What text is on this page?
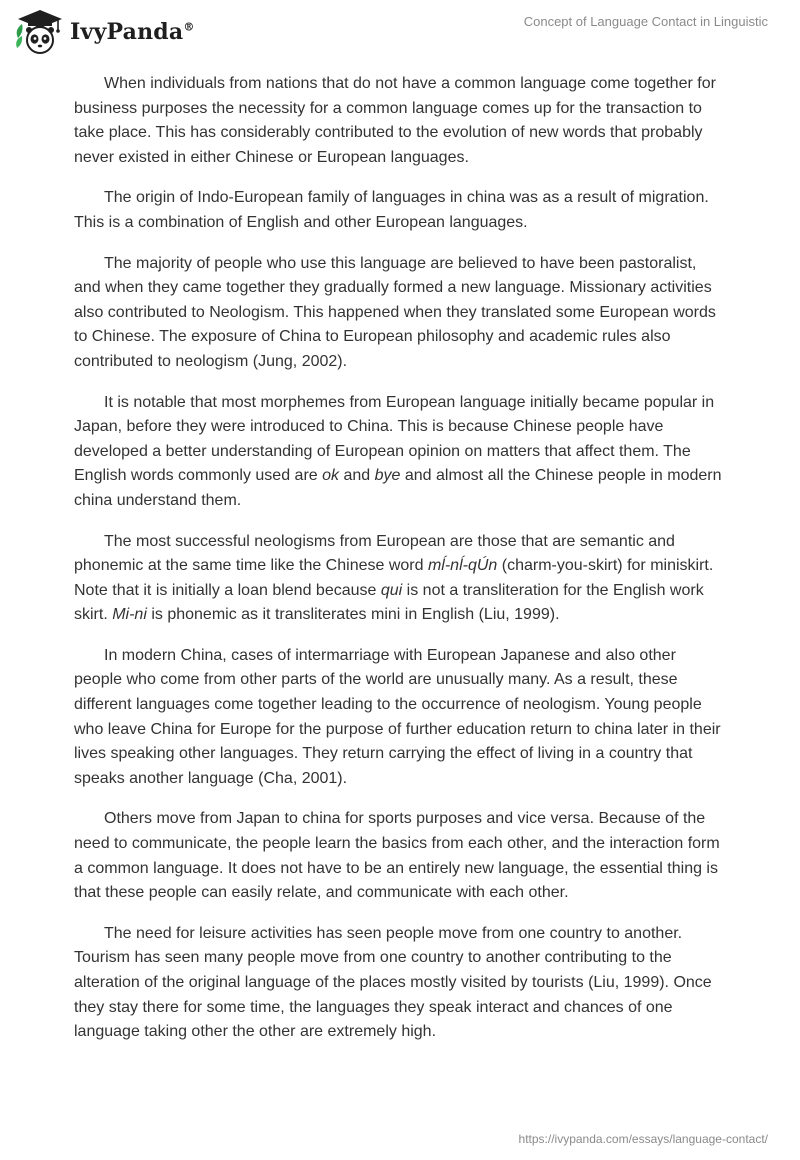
IvyPanda®	Concept of Language Contact in Linguistic

When individuals from nations that do not have a common language come together for business purposes the necessity for a common language comes up for the transaction to take place. This has considerably contributed to the evolution of new words that probably never existed in either Chinese or European languages.

The origin of Indo-European family of languages in china was as a result of migration. This is a combination of English and other European languages.

The majority of people who use this language are believed to have been pastoralist, and when they came together they gradually formed a new language. Missionary activities also contributed to Neologism. This happened when they translated some European words to Chinese. The exposure of China to European philosophy and academic rules also contributed to neologism (Jung, 2002).

It is notable that most morphemes from European language initially became popular in Japan, before they were introduced to China. This is because Chinese people have developed a better understanding of European opinion on matters that affect them. The English words commonly used are ok and bye and almost all the Chinese people in modern china understand them.

The most successful neologisms from European are those that are semantic and phonemic at the same time like the Chinese word mĺ-nĺ-qÚn (charm-you-skirt) for miniskirt. Note that it is initially a loan blend because qui is not a transliteration for the English work skirt. Mi-ni is phonemic as it transliterates mini in English (Liu, 1999).

In modern China, cases of intermarriage with European Japanese and also other people who come from other parts of the world are unusually many. As a result, these different languages come together leading to the occurrence of neologism. Young people who leave China for Europe for the purpose of further education return to china later in their lives speaking other languages. They return carrying the effect of living in a country that speaks another language (Cha, 2001).

Others move from Japan to china for sports purposes and vice versa. Because of the need to communicate, the people learn the basics from each other, and the interaction form a common language. It does not have to be an entirely new language, the essential thing is that these people can easily relate, and communicate with each other.

The need for leisure activities has seen people move from one country to another. Tourism has seen many people move from one country to another contributing to the alteration of the original language of the places mostly visited by tourists (Liu, 1999). Once they stay there for some time, the languages they speak interact and chances of one language taking other the other are extremely high.

https://ivypanda.com/essays/language-contact/
